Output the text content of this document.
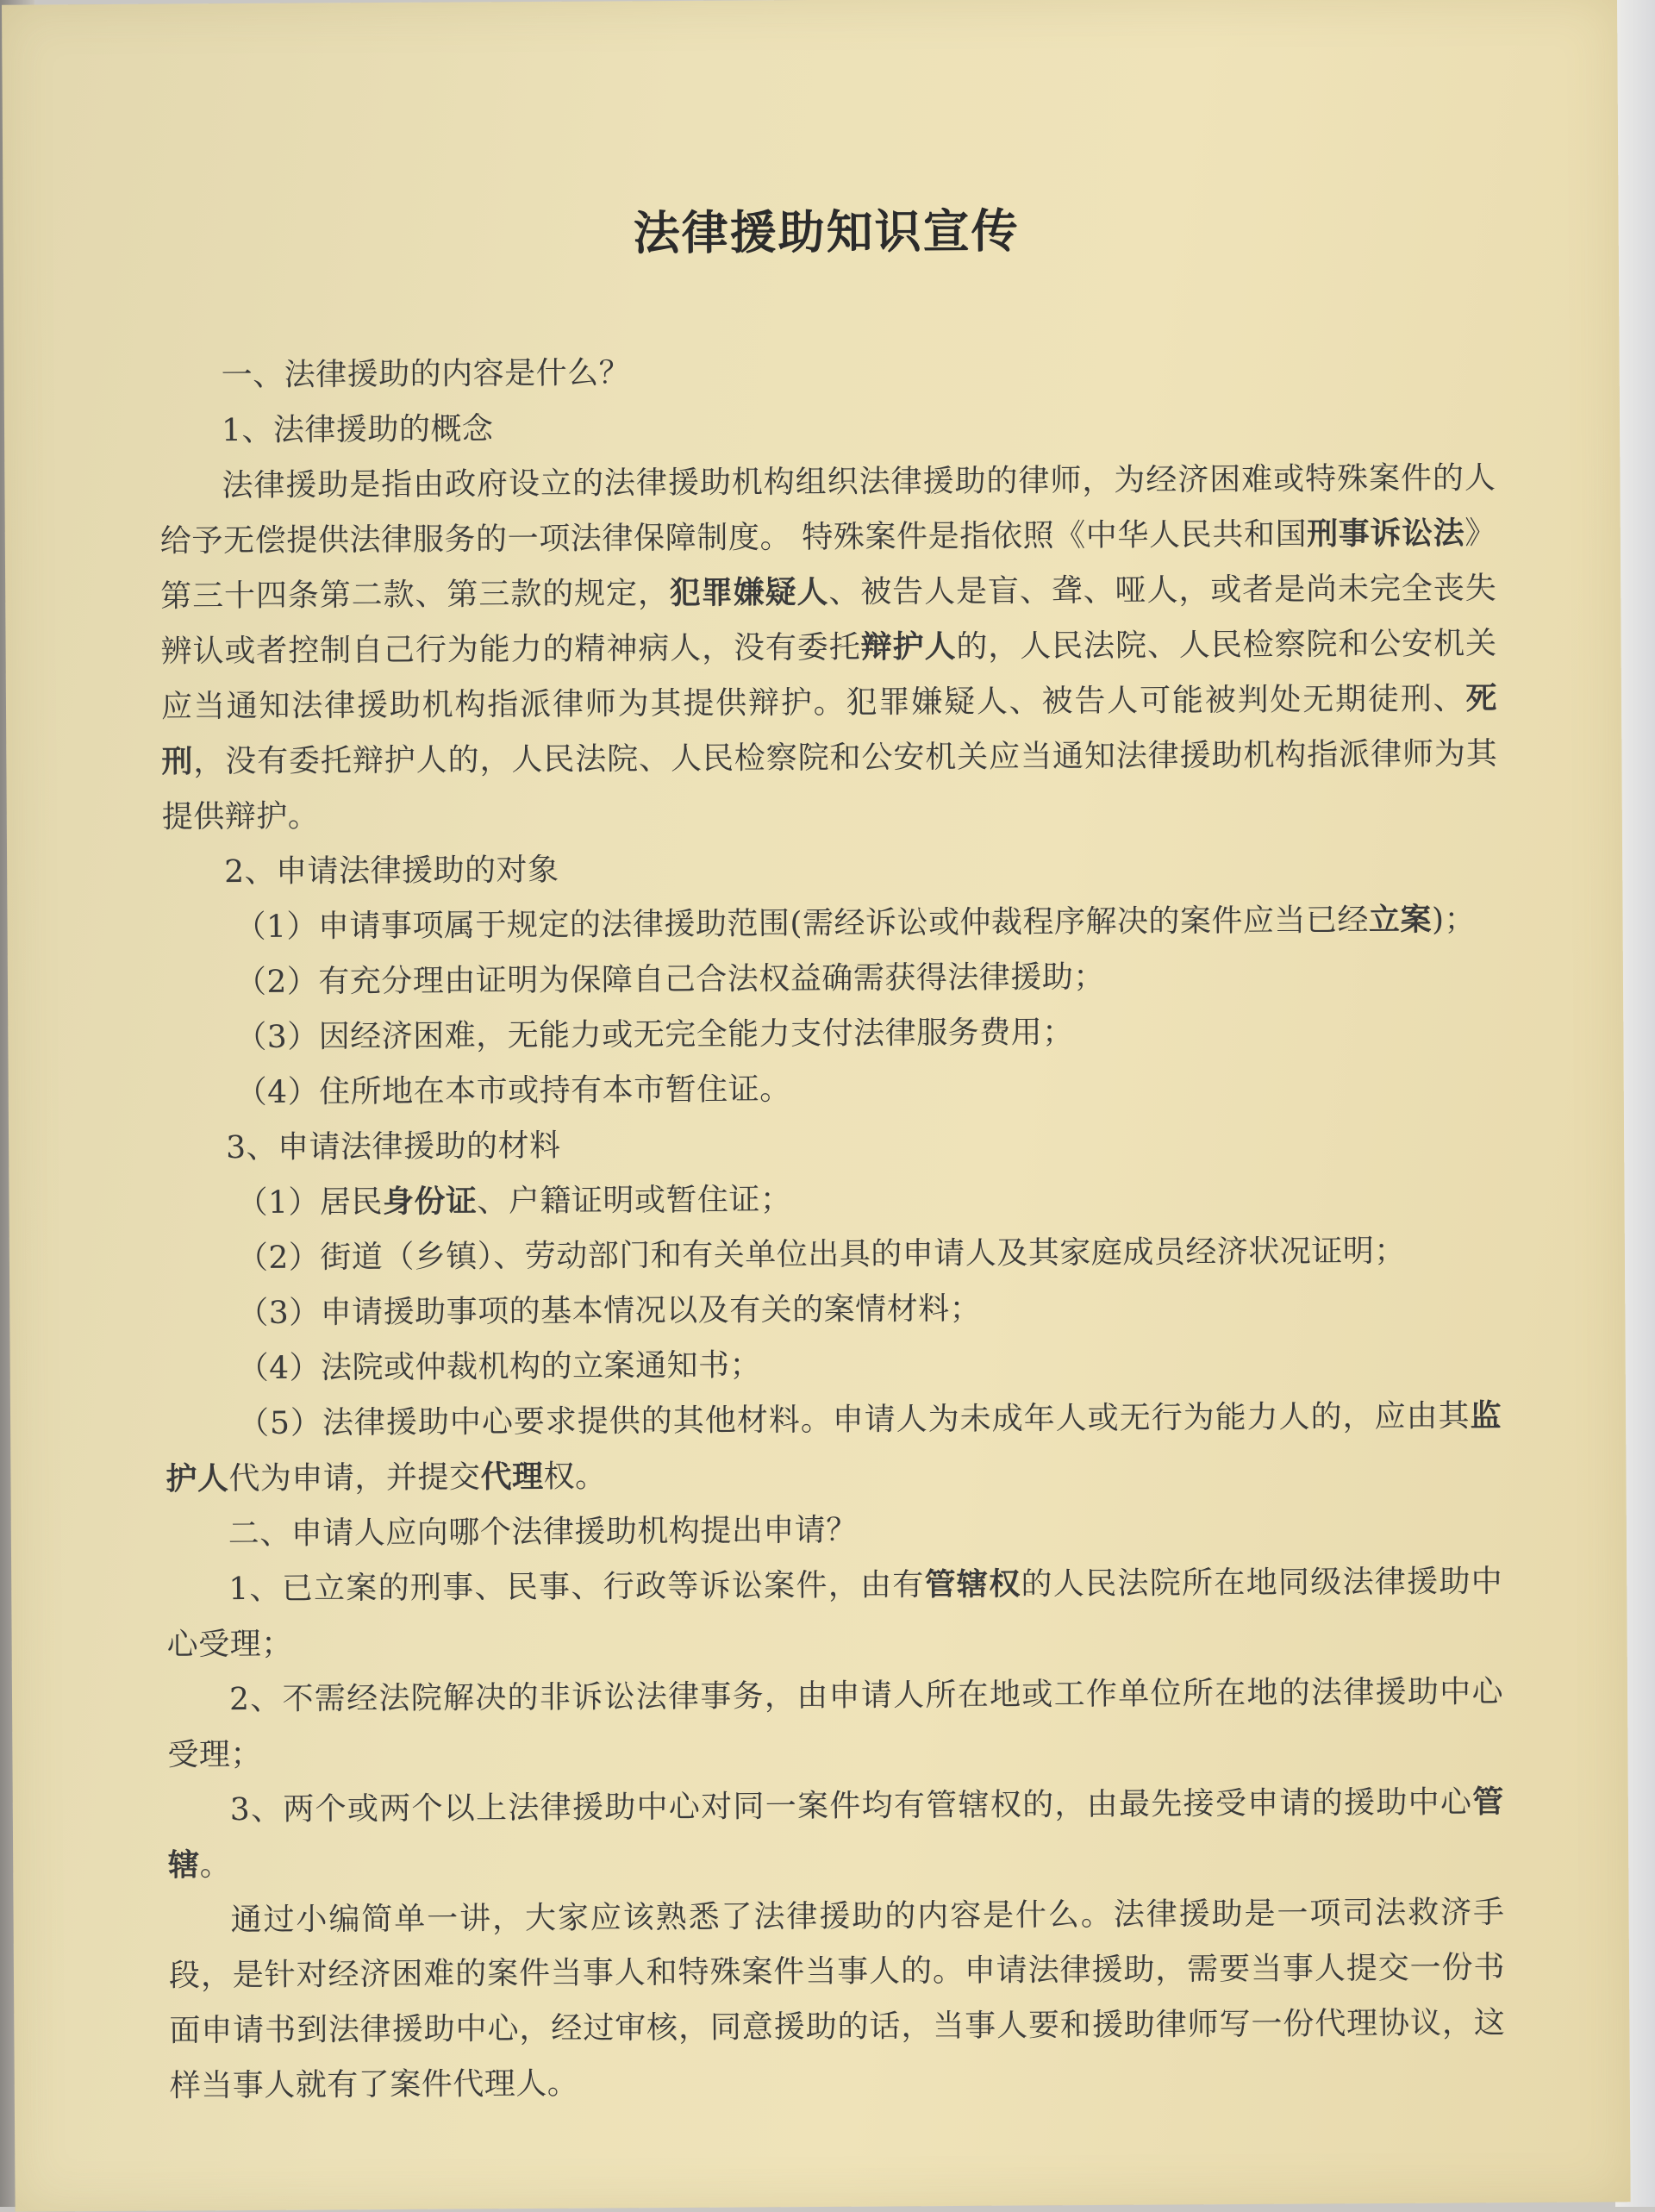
法律援助知识宣传

一、法律援助的内容是什么？

1、法律援助的概念

法律援助是指由政府设立的法律援助机构组织法律援助的律师，为经济困难或特殊案件的人给予无偿提供法律服务的一项法律保障制度。 特殊案件是指依照《中华人民共和国刑事诉讼法》第三十四条第二款、第三款的规定，犯罪嫌疑人、被告人是盲、聋、哑人，或者是尚未完全丧失辨认或者控制自己行为能力的精神病人，没有委托辩护人的，人民法院、人民检察院和公安机关应当通知法律援助机构指派律师为其提供辩护。犯罪嫌疑人、被告人可能被判处无期徒刑、死刑，没有委托辩护人的，人民法院、人民检察院和公安机关应当通知法律援助机构指派律师为其提供辩护。

2、申请法律援助的对象

（1）申请事项属于规定的法律援助范围(需经诉讼或仲裁程序解决的案件应当已经立案)；

（2）有充分理由证明为保障自己合法权益确需获得法律援助；

（3）因经济困难，无能力或无完全能力支付法律服务费用；

（4）住所地在本市或持有本市暂住证。

3、申请法律援助的材料

（1）居民身份证、户籍证明或暂住证；

（2）街道（乡镇）、劳动部门和有关单位出具的申请人及其家庭成员经济状况证明；

（3）申请援助事项的基本情况以及有关的案情材料；

（4）法院或仲裁机构的立案通知书；

（5）法律援助中心要求提供的其他材料。申请人为未成年人或无行为能力人的，应由其监护人代为申请，并提交代理权。

二、申请人应向哪个法律援助机构提出申请？

1、已立案的刑事、民事、行政等诉讼案件，由有管辖权的人民法院所在地同级法律援助中心受理；

2、不需经法院解决的非诉讼法律事务，由申请人所在地或工作单位所在地的法律援助中心受理；

3、两个或两个以上法律援助中心对同一案件均有管辖权的，由最先接受申请的援助中心管辖。

通过小编简单一讲，大家应该熟悉了法律援助的内容是什么。法律援助是一项司法救济手段，是针对经济困难的案件当事人和特殊案件当事人的。申请法律援助，需要当事人提交一份书面申请书到法律援助中心，经过审核，同意援助的话，当事人要和援助律师写一份代理协议，这样当事人就有了案件代理人。
